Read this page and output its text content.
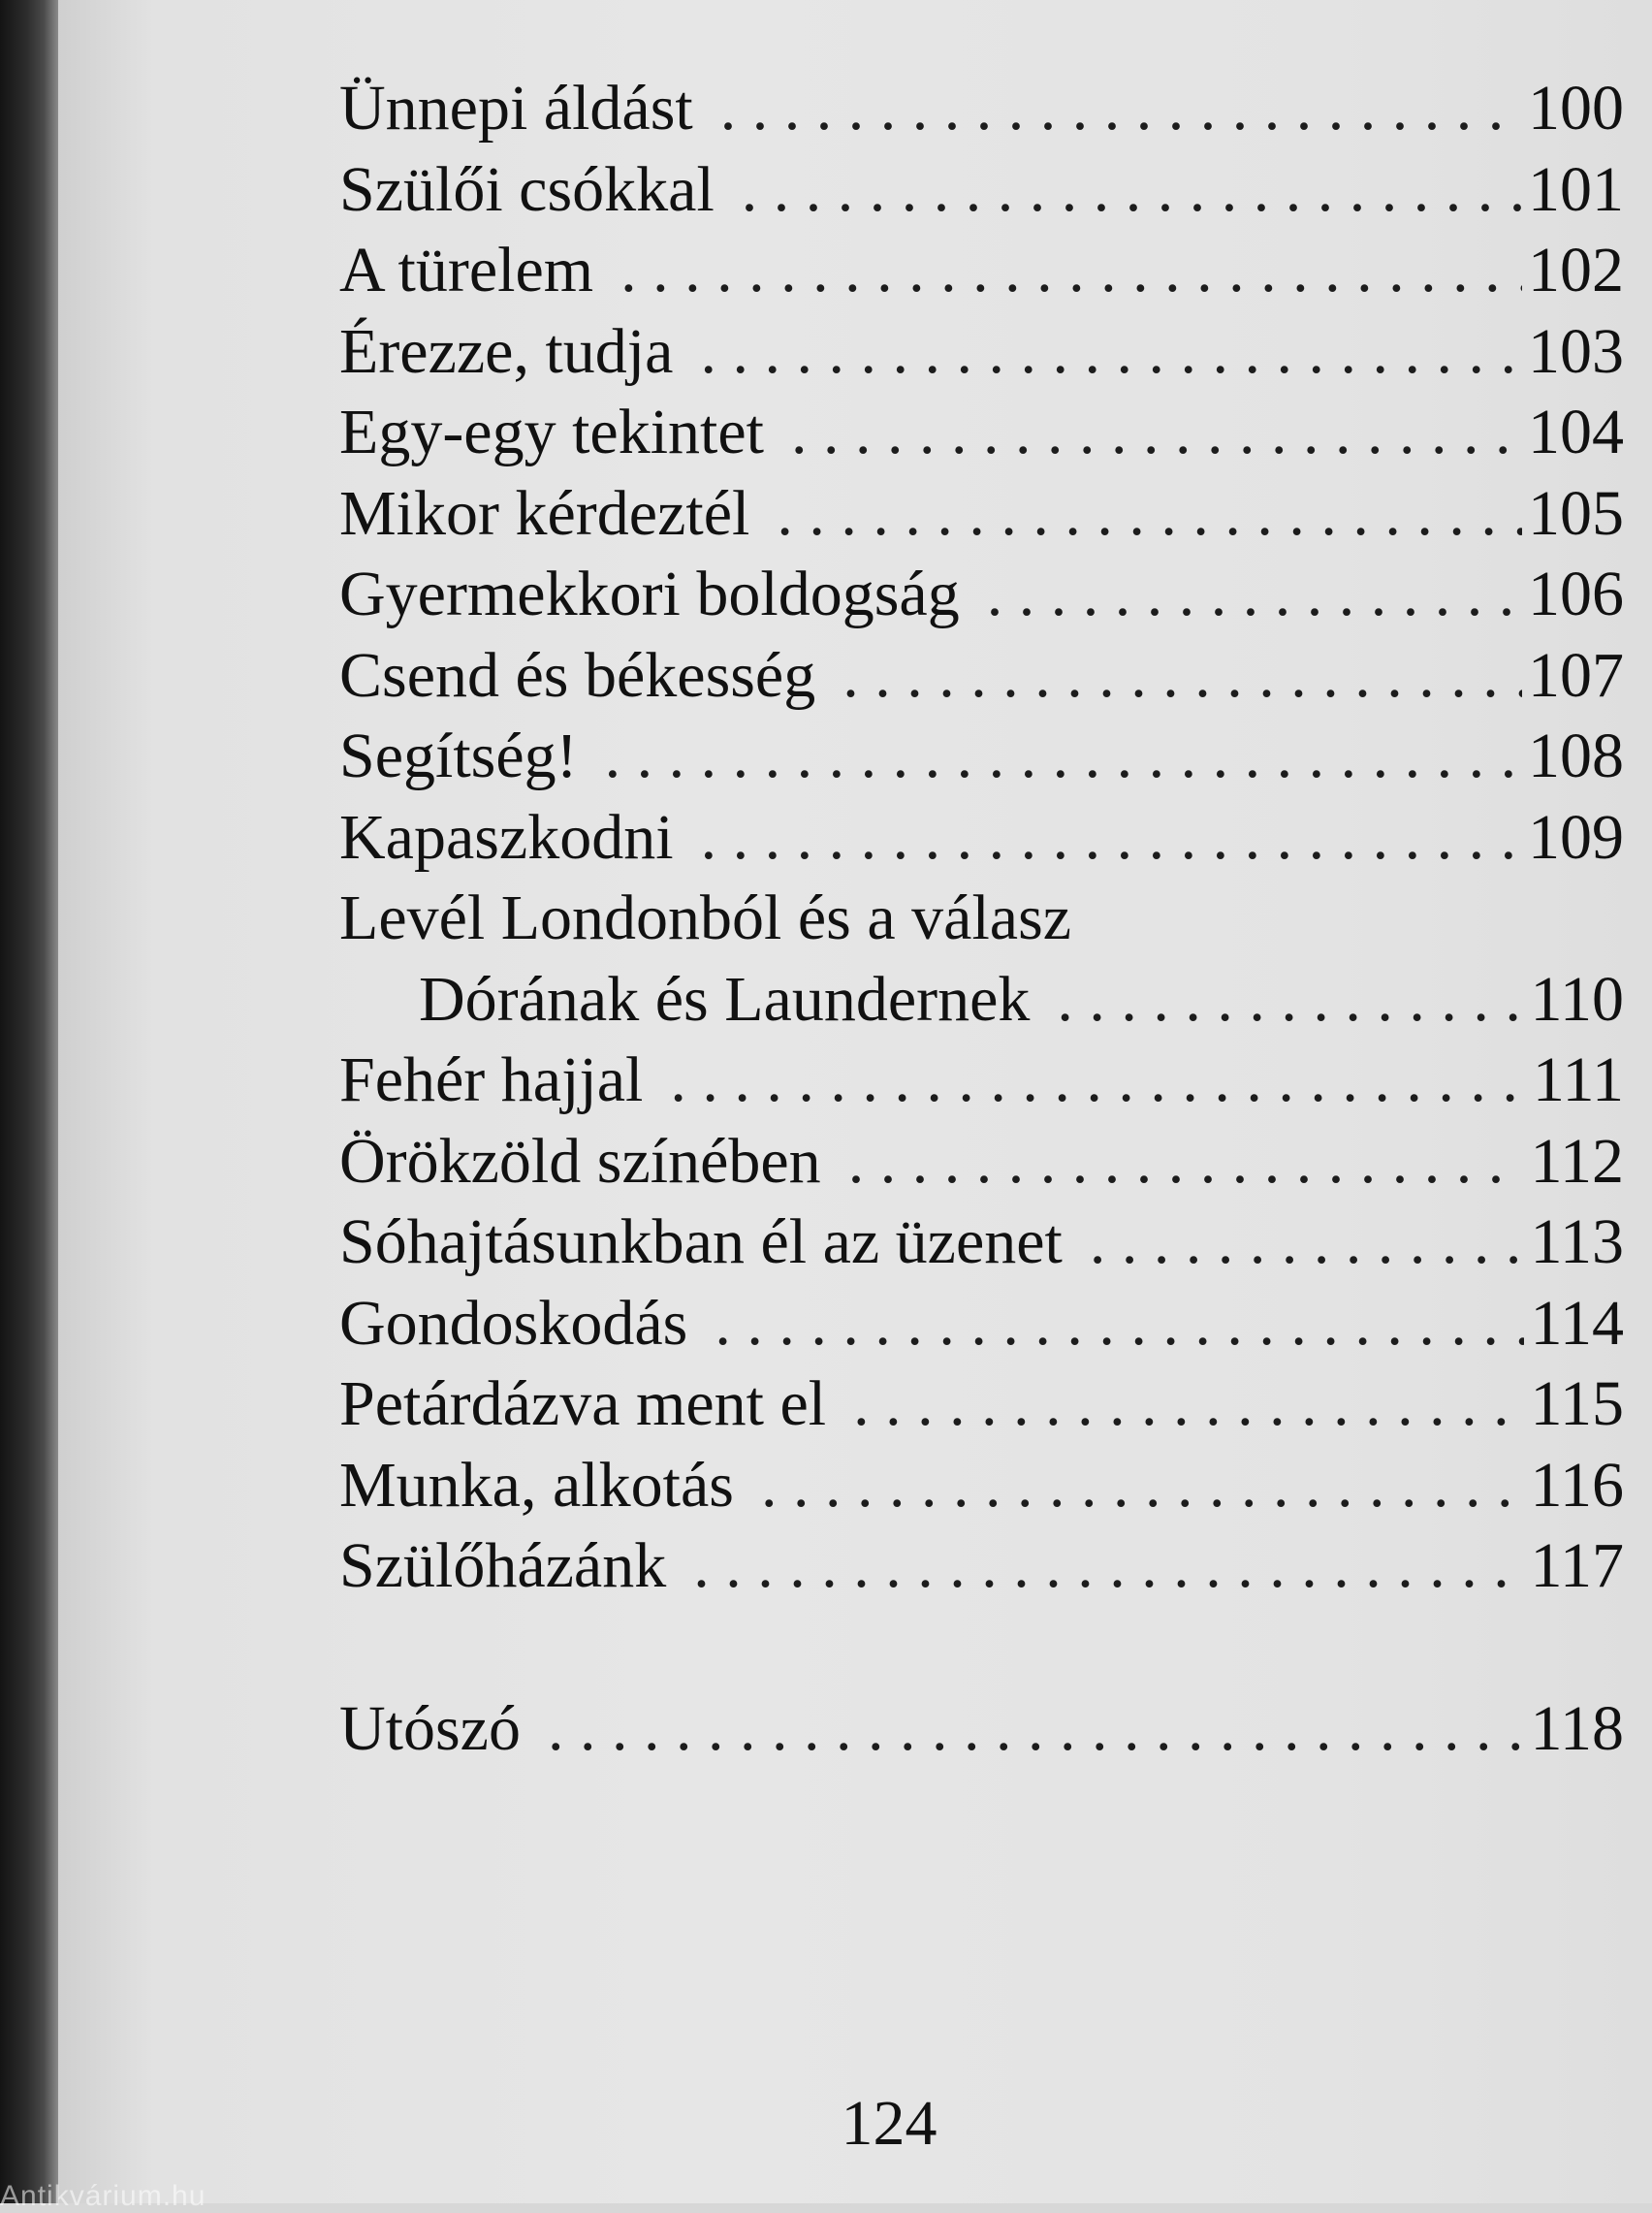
Ünnepi áldást . . .	100
Szülői csókkal . . .	101
A türelem . . .	102
Érezze, tudja . . .	103
Egy-egy tekintet . . .	104
Mikor kérdeztél . . .	105
Gyermekkori boldogság . . .	106
Csend és békesség . . .	107
Segítség! . . .	108
Kapaszkodni . . .	109
Levél Londonból és a válasz
Dórának és Laundernek . . .	110
Fehér hajjal . . .	111
Örökzöld színében . . .	112
Sóhajtásunkban él az üzenet . . .	113
Gondoskodás . . .	114
Petárdázva ment el . . .	115
Munka, alkotás . . .	116
Szülőházánk . . .	117
Utószó . . .	118
124
Antikvárium.hu
